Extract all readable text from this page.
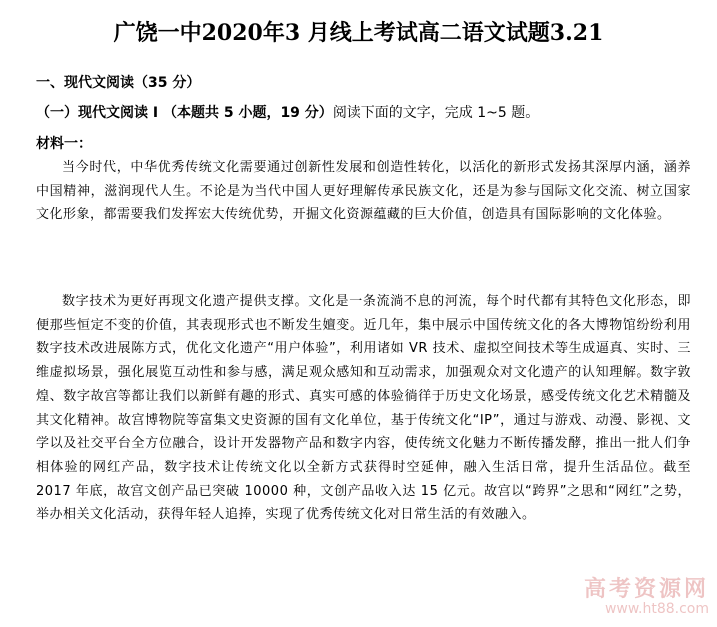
广饶一中2020年3 月线上考试高二语文试题3.21
一、现代文阅读（35 分）
（一）现代文阅读 I （本题共 5 小题，19 分）阅读下面的文字，完成 1~5 题。
材料一：

当今时代，中华优秀传统文化需要通过创新性发展和创造性转化，以活化的新形式发扬其深厚内涵，涵养中国精神，滋润现代人生。不论是为当代中国人更好理解传承民族文化，还是为参与国际文化交流、树立国家文化形象，都需要我们发挥宏大传统优势，开掘文化资源蕴藏的巨大价值，创造具有国际影响的文化体验。

数字技术为更好再现文化遗产提供支撑。文化是一条流淌不息的河流，每个时代都有其特色文化形态，即便那些恒定不变的价值，其表现形式也不断发生嬗变。近几年，集中展示中国传统文化的各大博物馆纷纷利用数字技术改进展陈方式，优化文化遗产“用户体验”，利用诸如 VR 技术、虚拟空间技术等生成逼真、实时、三维虚拟场景，强化展览互动性和参与感，满足观众感知和互动需求，加强观众对文化遗产的认知理解。数字敦煌、数字故宫等都让我们以新鲜有趣的形式、真实可感的体验徜徉于历史文化场景，感受传统文化艺术精髓及其文化精神。故宫博物院等富集文史资源的国有文化单位，基于传统文化“IP”，通过与游戏、动漫、影视、文学以及社交平台全方位融合，设计开发器物产品和数字内容，使传统文化魅力不断传播发酵，推出一批人们争相体验的网红产品，数字技术让传统文化以全新方式获得时空延伸，融入生活日常，提升生活品位。截至 2017 年底，故宫文创产品已突破 10000 种，文创产品收入达 15 亿元。故宫以“跨界”之思和“网红”之势，举办相关文化活动，获得年轻人追捧，实现了优秀传统文化对日常生活的有效融入。

高考资源网
www.ht88.com
